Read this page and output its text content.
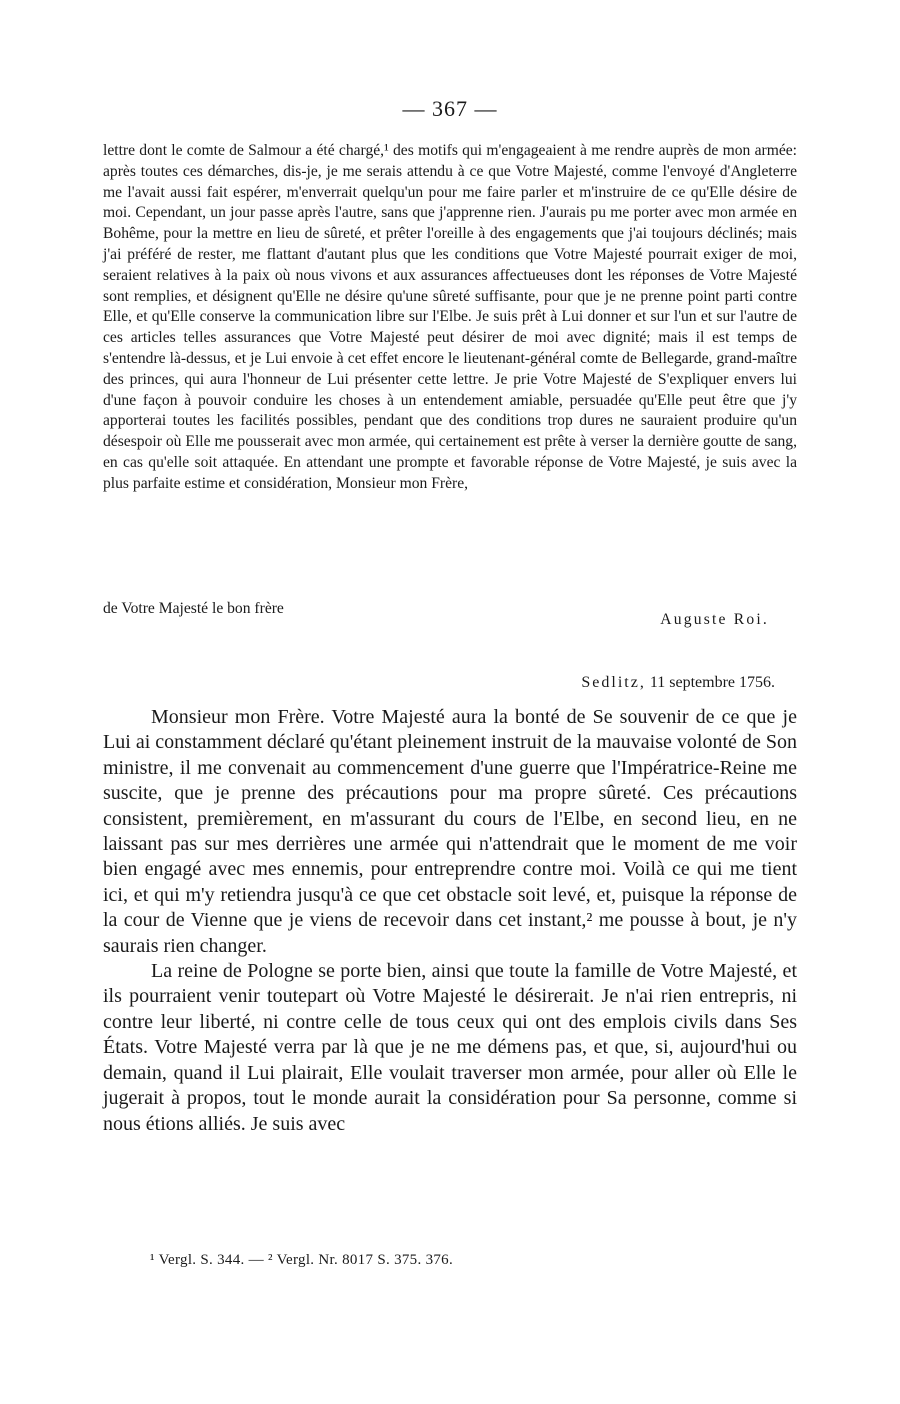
— 367 —

lettre dont le comte de Salmour a été chargé,¹ des motifs qui m'engageaient à me rendre auprès de mon armée: après toutes ces démarches, dis-je, je me serais attendu à ce que Votre Majesté, comme l'envoyé d'Angleterre me l'avait aussi fait espérer, m'enverrait quelqu'un pour me faire parler et m'instruire de ce qu'Elle désire de moi. Cependant, un jour passe après l'autre, sans que j'apprenne rien. J'aurais pu me porter avec mon armée en Bohême, pour la mettre en lieu de sûreté, et prêter l'oreille à des engagements que j'ai toujours déclinés; mais j'ai préféré de rester, me flattant d'autant plus que les conditions que Votre Majesté pourrait exiger de moi, seraient relatives à la paix où nous vivons et aux assurances affectueuses dont les réponses de Votre Majesté sont remplies, et désignent qu'Elle ne désire qu'une sûreté suffisante, pour que je ne prenne point parti contre Elle, et qu'Elle conserve la communication libre sur l'Elbe. Je suis prêt à Lui donner et sur l'un et sur l'autre de ces articles telles assurances que Votre Majesté peut désirer de moi avec dignité; mais il est temps de s'entendre là-dessus, et je Lui envoie à cet effet encore le lieutenant-général comte de Bellegarde, grand-maître des princes, qui aura l'honneur de Lui présenter cette lettre. Je prie Votre Majesté de S'expliquer envers lui d'une façon à pouvoir conduire les choses à un entendement amiable, persuadée qu'Elle peut être que j'y apporterai toutes les facilités possibles, pendant que des conditions trop dures ne sauraient produire qu'un désespoir où Elle me pousserait avec mon armée, qui certainement est prête à verser la dernière goutte de sang, en cas qu'elle soit attaquée. En attendant une prompte et favorable réponse de Votre Majesté, je suis avec la plus parfaite estime et considération, Monsieur mon Frère,

de Votre Majesté le bon frère
Auguste Roi.
Sedlitz, 11 septembre 1756.

Monsieur mon Frère. Votre Majesté aura la bonté de Se souvenir de ce que je Lui ai constamment déclaré qu'étant pleinement instruit de la mauvaise volonté de Son ministre, il me convenait au commencement d'une guerre que l'Impératrice-Reine me suscite, que je prenne des précautions pour ma propre sûreté. Ces précautions consistent, premièrement, en m'assurant du cours de l'Elbe, en second lieu, en ne laissant pas sur mes derrières une armée qui n'attendrait que le moment de me voir bien engagé avec mes ennemis, pour entreprendre contre moi. Voilà ce qui me tient ici, et qui m'y retiendra jusqu'à ce que cet obstacle soit levé, et, puisque la réponse de la cour de Vienne que je viens de recevoir dans cet instant,² me pousse à bout, je n'y saurais rien changer.

La reine de Pologne se porte bien, ainsi que toute la famille de Votre Majesté, et ils pourraient venir toutepart où Votre Majesté le désirerait. Je n'ai rien entrepris, ni contre leur liberté, ni contre celle de tous ceux qui ont des emplois civils dans Ses États. Votre Majesté verra par là que je ne me démens pas, et que, si, aujourd'hui ou demain, quand il Lui plairait, Elle voulait traverser mon armée, pour aller où Elle le jugerait à propos, tout le monde aurait la considération pour Sa personne, comme si nous étions alliés. Je suis avec

¹ Vergl. S. 344. — ² Vergl. Nr. 8017 S. 375. 376.
